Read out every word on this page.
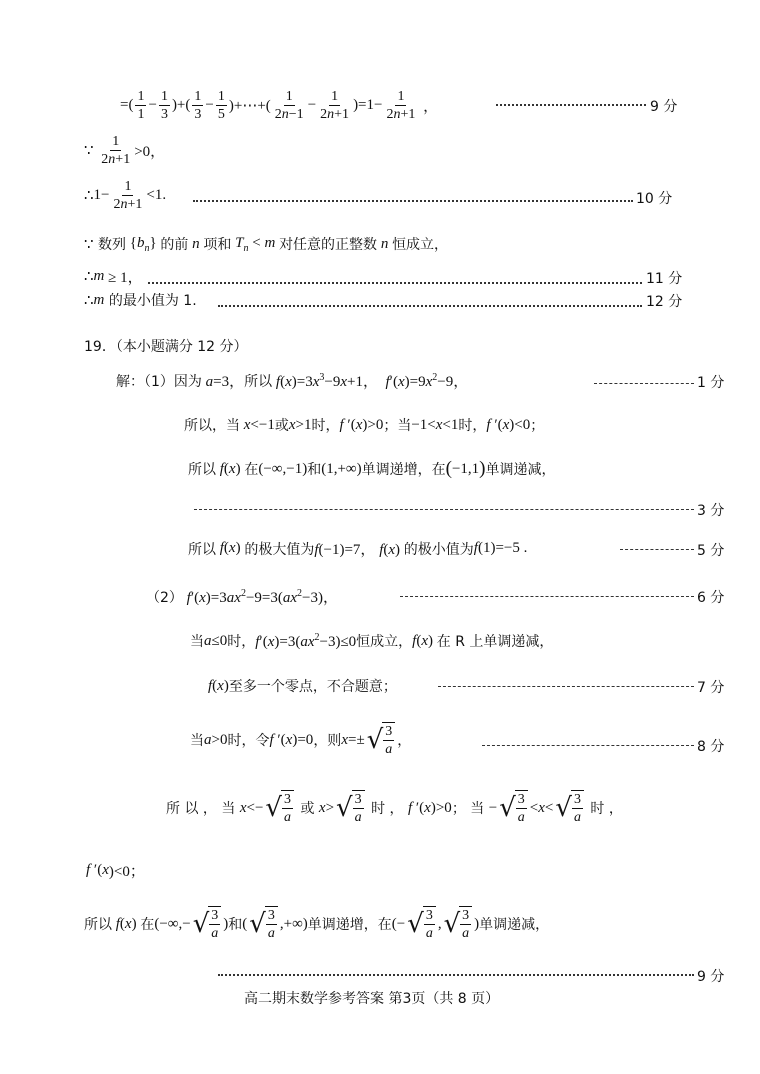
=( $\frac{1}{1} - \frac{1}{3}$ )+( $\frac{1}{3} - \frac{1}{5}$ )+⋯+( $\frac{1}{2n-1} - \frac{1}{2n+1} )=1- \frac{1}{2n+1}$ ，	9 分
∵
$\frac{1}{2n+1} >0$，
∴ $1- \frac{1}{2n+1} <1$.	10 分
∵
数列 $\{b_n\}$ 的前 n 项和 $T_n < m$ 对任意的正整数 n 恒成立，
∴ m ≥ 1，	11 分
∴ m
的最小值为 1.	12 分
19．（本小题满分 12 分）
解：（1）因为 a=3， 所以 $f(x)=3x^3-9x+1$，  $f'(x)=9x^2-9$，	1 分
所以，当 x<−1 或 x>1 时， f ′(x)>0 ；当 −1<x<1 时， f ′(x)<0 ；
所以 f(x) 在 (−∞,−1) 和 (1,+∞) 单调递增，在 ( −1,1 ) 单调递减，
3 分
所以 f(x) 的极大值为 f(−1)=7， f(x) 的极小值为 f(1)=−5 .	5 分
（2） $f'(x)=3ax^2-9=3(ax^2-3)$，	6 分
当 a≤0 时， $f'(x)=3(ax^2-3)\le 0$ 恒成立， f(x) 在 R 上单调递减，
f(x) 至多一个零点，不合题意；	7 分
当 a>0 时，令 f ′(x)=0 ，则 x=± √ $\frac{3}{a}$ ，	8 分
所 以 ， 当
x<− √ $\frac{3}{a}$
或
x> √ $\frac{3}{a}$
时 ，
f ′(x)>0 ； 当
− √ $\frac{3}{a} <x<$ √ $\frac{3}{a}$
时 ，
f ′( x )<0；
所以 f(x) 在 (−∞,− √ $\frac{3}{a}$ ) 和 ( √ $\frac{3}{a}$ ,+∞) 单调递增，在 (− √ $\frac{3}{a}$ , √ $\frac{3}{a}$ ) 单调递减，
9 分
高二期末数学参考答案 第3页（共 8 页）
